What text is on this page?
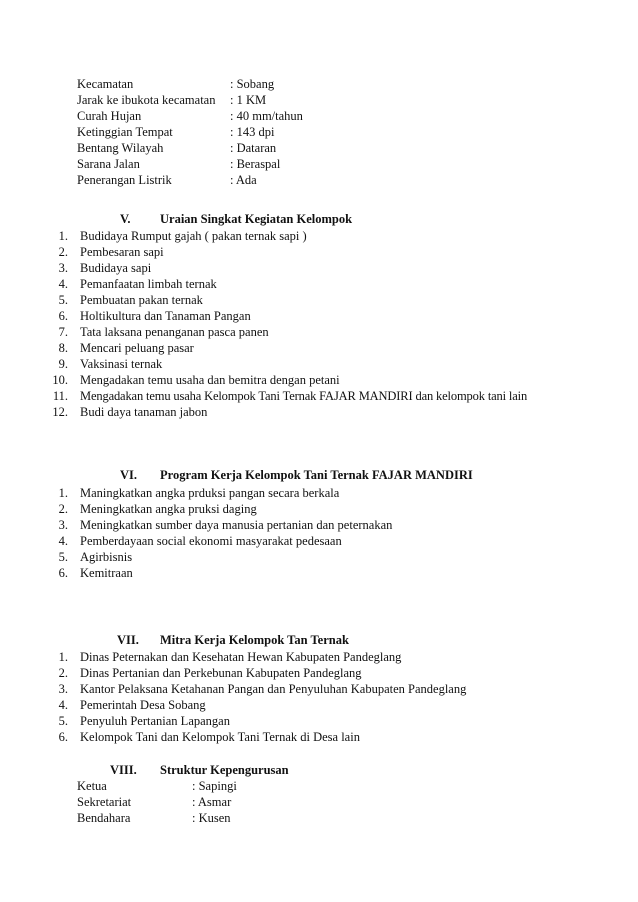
Kecamatan	: Sobang
Jarak ke ibukota kecamatan : 1 KM
Curah Hujan	: 40 mm/tahun
Ketinggian Tempat	: 143 dpi
Bentang Wilayah	: Dataran
Sarana Jalan	: Beraspal
Penerangan Listrik	: Ada
V. Uraian Singkat Kegiatan Kelompok
1. Budidaya Rumput gajah ( pakan ternak sapi )
2. Pembesaran sapi
3. Budidaya sapi
4. Pemanfaatan limbah ternak
5. Pembuatan pakan ternak
6. Holtikultura dan Tanaman Pangan
7. Tata laksana penanganan pasca panen
8. Mencari peluang pasar
9. Vaksinasi ternak
10. Mengadakan temu usaha dan bemitra dengan petani
11. Mengadakan temu usaha Kelompok Tani Ternak FAJAR MANDIRI dan kelompok tani lain
12. Budi daya tanaman jabon
VI. Program Kerja Kelompok Tani Ternak FAJAR MANDIRI
1. Maningkatkan angka prduksi pangan secara berkala
2. Meningkatkan angka pruksi daging
3. Meningkatkan sumber daya manusia pertanian dan peternakan
4. Pemberdayaan social ekonomi masyarakat pedesaan
5. Agirbisnis
6. Kemitraan
VII. Mitra Kerja Kelompok Tan Ternak
1. Dinas Peternakan dan Kesehatan Hewan Kabupaten Pandeglang
2. Dinas Pertanian dan Perkebunan Kabupaten Pandeglang
3. Kantor Pelaksana Ketahanan Pangan dan Penyuluhan Kabupaten Pandeglang
4. Pemerintah Desa Sobang
5. Penyuluh Pertanian Lapangan
6. Kelompok Tani dan Kelompok Tani Ternak di Desa lain
VIII. Struktur Kepengurusan
Ketua	: Sapingi
Sekretariat	: Asmar
Bendahara	: Kusen
